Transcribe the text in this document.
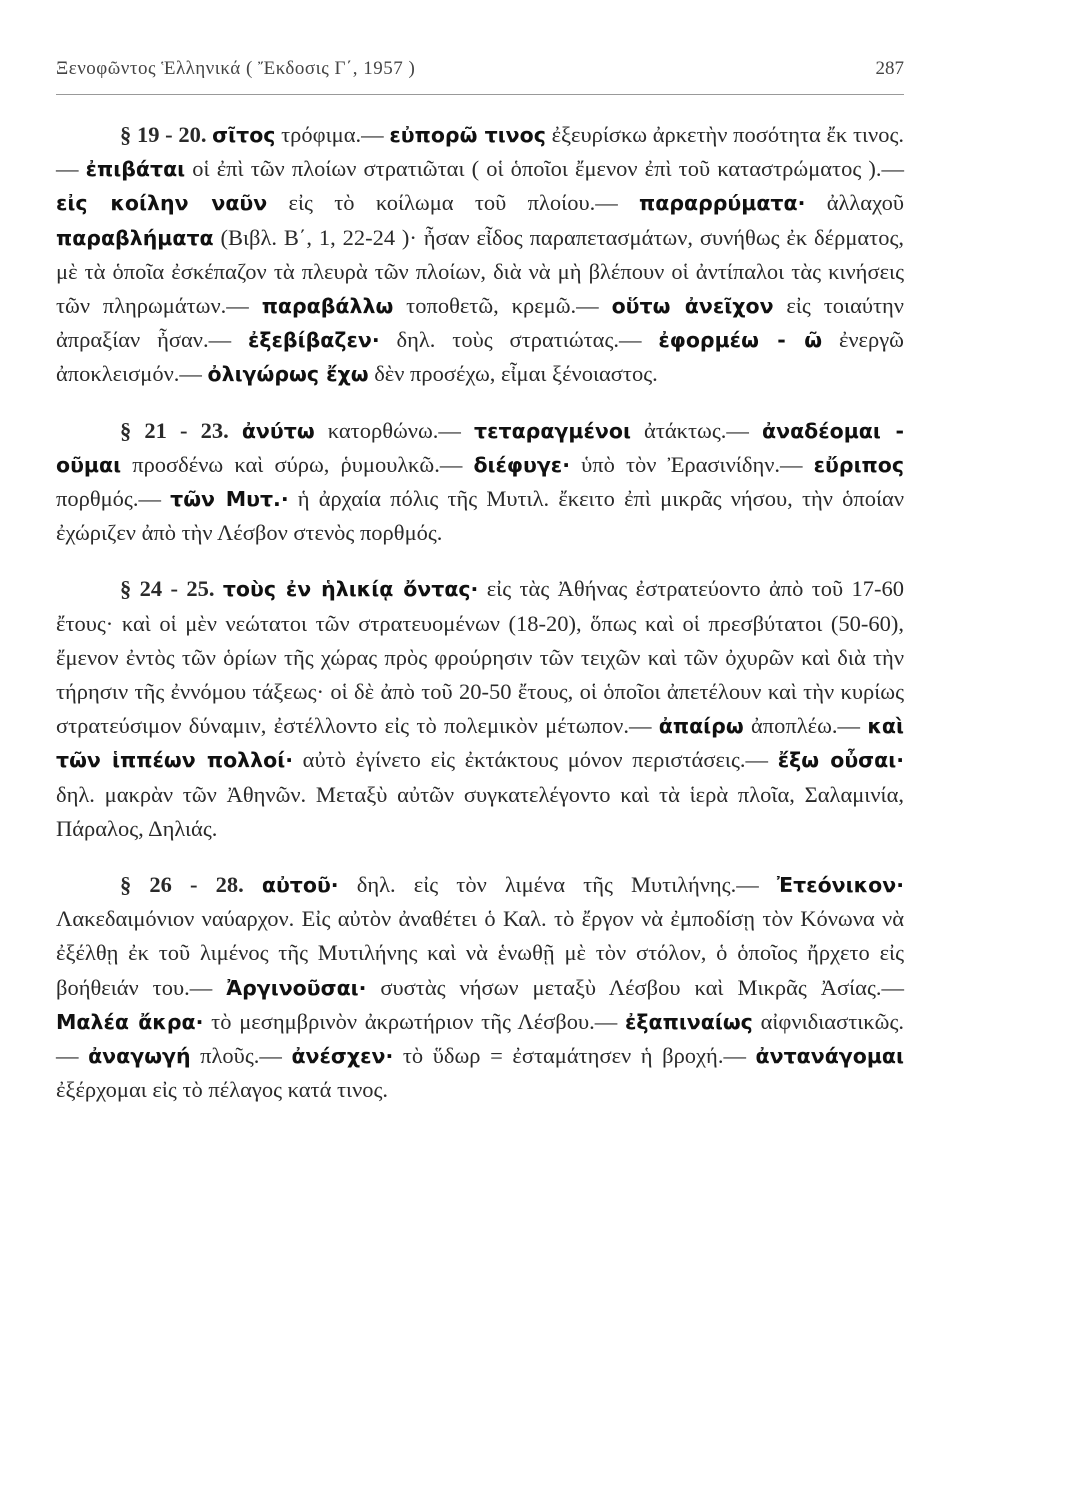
Ξενοφῶντος Ἑλληνικά ( Ἔκδοσις Γ΄, 1957 )	287

§ 19 - 20. σῖτος τρόφιμα.— εὐπορῶ τινος ἐξευρίσκω ἀρκετὴν ποσότητα ἔκ τινος.— ἐπιβάται οἱ ἐπὶ τῶν πλοίων στρατιῶται ( οἱ ὁποῖοι ἔμενον ἐπὶ τοῦ καταστρώματος ).— εἰς κοίλην ναῦν εἰς τὸ κοίλωμα τοῦ πλοίου.— παραρρύματα· ἀλλαχοῦ παραβλήματα (Βιβλ. Β΄, 1, 22-24 )· ἦσαν εἶδος παραπετασμάτων, συνήθως ἐκ δέρματος, μὲ τὰ ὁποῖα ἐσκέπαζον τὰ πλευρὰ τῶν πλοίων, διὰ νὰ μὴ βλέπουν οἱ ἀντίπαλοι τὰς κινήσεις τῶν πληρωμάτων.— παραβάλλω τοποθετῶ, κρεμῶ.— οὕτω ἀνεῖχον εἰς τοιαύτην ἀπραξίαν ἦσαν.— ἐξεβίβαζεν· δηλ. τοὺς στρατιώτας.— ἐφορμέω - ῶ ἐνεργῶ ἀποκλεισμόν.— ὀλιγώρως ἔχω δὲν προσέχω, εἶμαι ξένοιαστος.

§ 21 - 23. ἀνύτω κατορθώνω.— τεταραγμένοι ἀτάκτως.— ἀναδέομαι - οῦμαι προσδένω καὶ σύρω, ῥυμουλκῶ.— διέφυγε· ὑπὸ τὸν Ἐρασινίδην.— εὔριπος πορθμός.— τῶν Μυτ.· ἡ ἀρχαία πόλις τῆς Μυτιλ. ἔκειτο ἐπὶ μικρᾶς νήσου, τὴν ὁποίαν ἐχώριζεν ἀπὸ τὴν Λέσβον στενὸς πορθμός.

§ 24 - 25. τοὺς ἐν ἡλικίᾳ ὄντας· εἰς τὰς Ἀθήνας ἐστρατεύοντο ἀπὸ τοῦ 17-60 ἔτους· καὶ οἱ μὲν νεώτατοι τῶν στρατευομένων (18-20), ὅπως καὶ οἱ πρεσβύτατοι (50-60), ἔμενον ἐντὸς τῶν ὁρίων τῆς χώρας πρὸς φρούρησιν τῶν τειχῶν καὶ τῶν ὀχυρῶν καὶ διὰ τὴν τήρησιν τῆς ἐννόμου τάξεως· οἱ δὲ ἀπὸ τοῦ 20-50 ἔτους, οἱ ὁποῖοι ἀπετέλουν καὶ τὴν κυρίως στρατεύσιμον δύναμιν, ἐστέλλοντο εἰς τὸ πολεμικὸν μέτωπον.— ἀπαίρω ἀποπλέω.— καὶ τῶν ἱππέων πολλοί· αὐτὸ ἐγίνετο εἰς ἐκτάκτους μόνον περιστάσεις.— ἔξω οὖσαι· δηλ. μακρὰν τῶν Ἀθηνῶν. Μεταξὺ αὐτῶν συγκατελέγοντο καὶ τὰ ἱερὰ πλοῖα, Σαλαμινία, Πάραλος, Δηλιάς.

§ 26 - 28. αὐτοῦ· δηλ. εἰς τὸν λιμένα τῆς Μυτιλήνης.— Ἐτεόνικον· Λακεδαιμόνιον ναύαρχον. Εἰς αὐτὸν ἀναθέτει ὁ Καλ. τὸ ἔργον νὰ ἐμποδίσῃ τὸν Κόνωνα νὰ ἐξέλθῃ ἐκ τοῦ λιμένος τῆς Μυτιλήνης καὶ νὰ ἑνωθῇ μὲ τὸν στόλον, ὁ ὁποῖος ἤρχετο εἰς βοήθειάν του.— Ἀργινοῦσαι· συστὰς νήσων μεταξὺ Λέσβου καὶ Μικρᾶς Ἀσίας.— Μαλέα ἄκρα· τὸ μεσημβρινὸν ἀκρωτήριον τῆς Λέσβου.— ἐξαπιναίως αἰφνιδιαστικῶς.— ἀναγωγή πλοῦς.— ἀνέσχεν· τὸ ὕδωρ = ἐσταμάτησεν ἡ βροχή.— ἀντανάγομαι ἐξέρχομαι εἰς τὸ πέλαγος κατά τινος.
